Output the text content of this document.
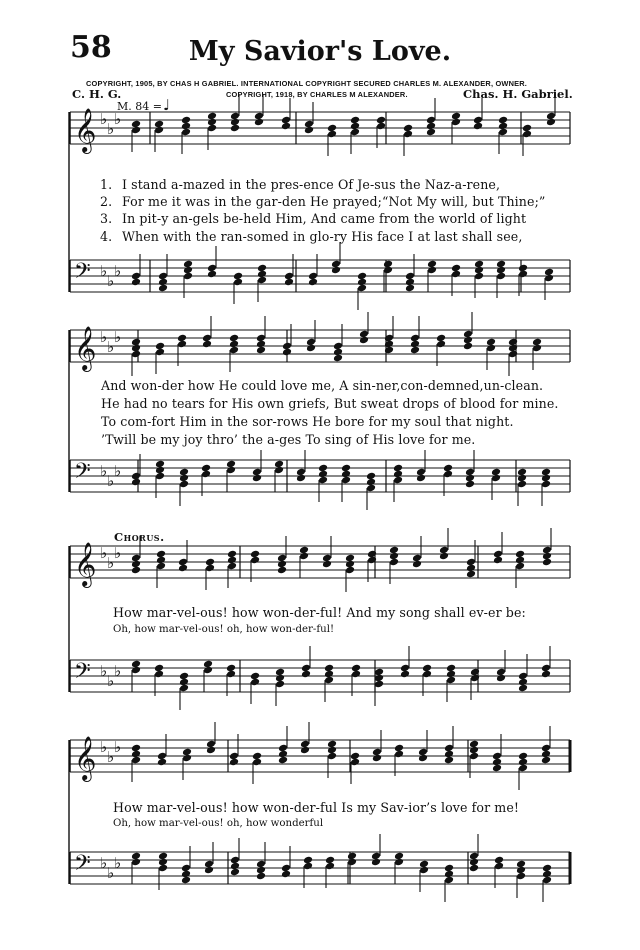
58	My Savior's Love.
COPYRIGHT, 1905, BY CHAS H GABRIEL. INTERNATIONAL COPYRIGHT SECURED CHARLES M. ALEXANDER, OWNER.
COPYRIGHT, 1918, BY CHARLES M ALEXANDER.
C. H. G.	Chas. H. Gabriel.
M. 84 = ♩
𝄞 ♭
♭
♭
𝄢 ♭
♭
♭
𝄞 ♭
♭
♭
𝄢 ♭
♭
♭
𝄞 ♭
♭
♭
𝄢 ♭
♭
♭
𝄞 ♭
♭
♭
𝄢 ♭
♭
♭
1. I stand a-mazed in the pres-ence Of Je-sus the Naz-a-rene,
2. For me it was in the gar-den He prayed;“Not My will, but Thine;”
3. In pit-y an-gels be-held Him, And came from the world of light
4. When with the ran-somed in glo-ry His face I at last shall see,
And won-der how He could love me, A sin-ner,con-demned,un-clean.
He had no tears for His own griefs, But sweat drops of blood for mine.
To com-fort Him in the sor-rows He bore for my soul that night.
’Twill be my joy thro’ the a-ges To sing of His love for me.
Chorus.
How mar-vel-ous! how won-der-ful! And my song shall ev-er be:
Oh, how mar-vel-ous! oh, how won-der-ful!
How mar-vel-ous! how won-der-ful Is my Sav-ior’s love for me!
Oh, how mar-vel-ous! oh, how wonderful
